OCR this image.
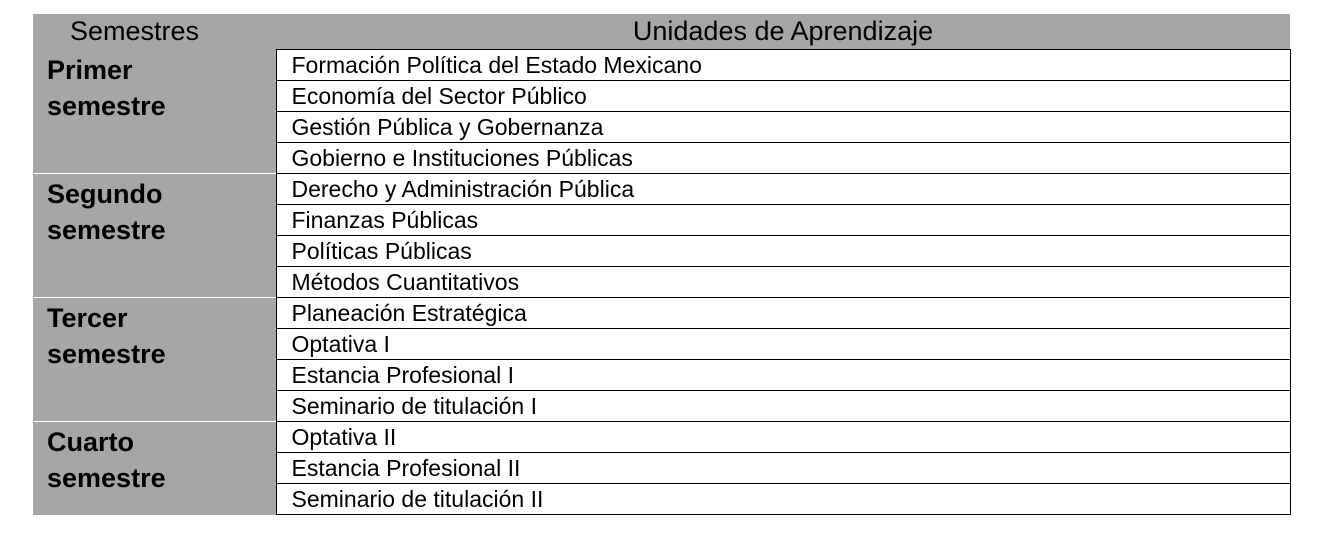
Semestres	Unidades de Aprendizaje

Primer
semestre	Formación Política del Estado Mexicano
	Economía del Sector Público
	Gestión Pública y Gobernanza
	Gobierno e Instituciones Públicas

Segundo
semestre	Derecho y Administración Pública
	Finanzas Públicas
	Políticas Públicas
	Métodos Cuantitativos

Tercer
semestre	Planeación Estratégica
	Optativa I
	Estancia Profesional I
	Seminario de titulación I

Cuarto
semestre	Optativa II
	Estancia Profesional II
	Seminario de titulación II
